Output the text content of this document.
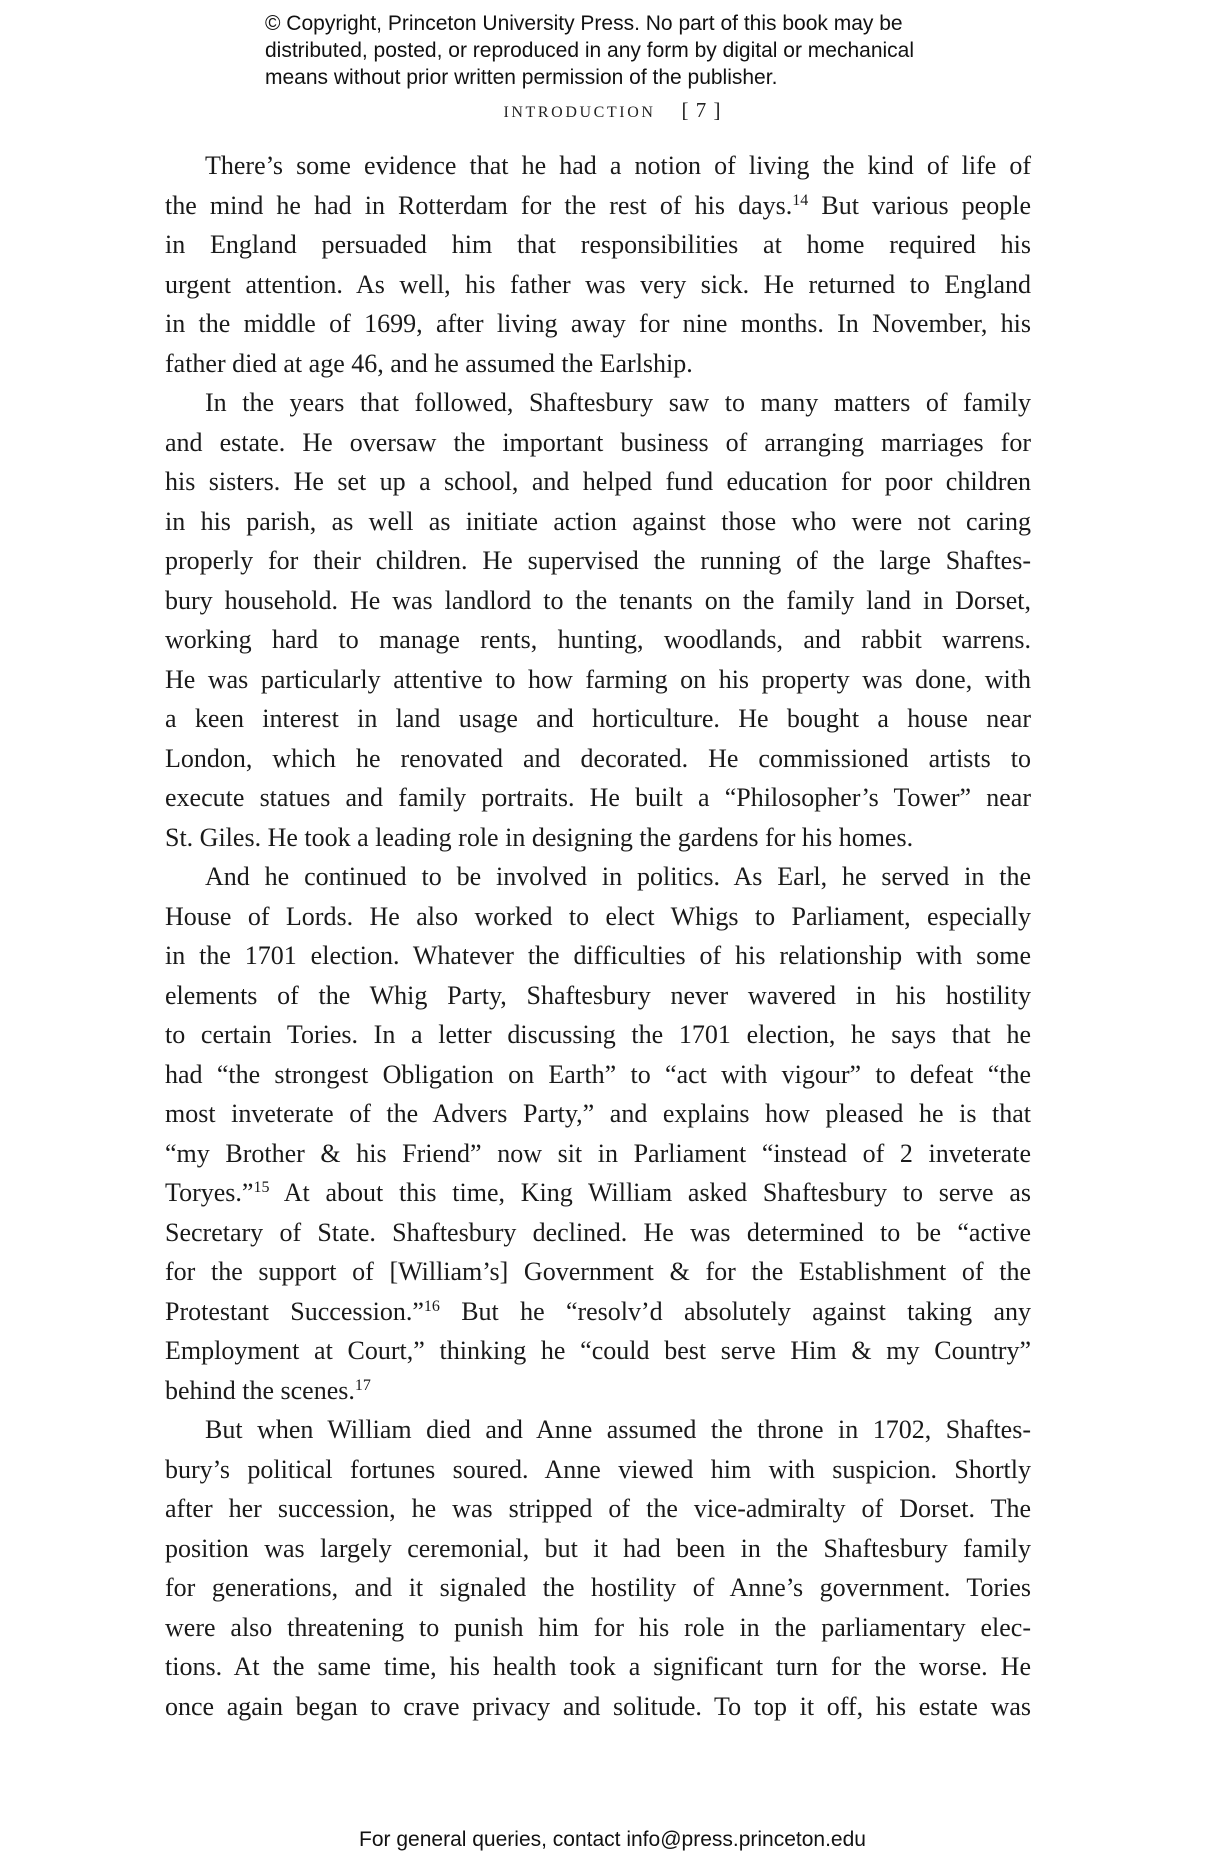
© Copyright, Princeton University Press. No part of this book may be
distributed, posted, or reproduced in any form by digital or mechanical
means without prior written permission of the publisher.
INTRODUCTION [ 7 ]
There’s some evidence that he had a notion of living the kind of life of
the mind he had in Rotterdam for the rest of his days.$^{14}$ But various people
in England persuaded him that responsibilities at home required his
urgent attention. As well, his father was very sick. He returned to England
in the middle of 1699, after living away for nine months. In November, his
father died at age 46, and he assumed the Earlship.
In the years that followed, Shaftesbury saw to many matters of family
and estate. He oversaw the important business of arranging marriages for
his sisters. He set up a school, and helped fund education for poor children
in his parish, as well as initiate action against those who were not caring
properly for their children. He supervised the running of the large Shaftes-
bury household. He was landlord to the tenants on the family land in Dorset,
working hard to manage rents, hunting, woodlands, and rabbit warrens.
He was particularly attentive to how farming on his property was done, with
a keen interest in land usage and horticulture. He bought a house near
London, which he renovated and decorated. He commissioned artists to
execute statues and family portraits. He built a “Philosopher’s Tower” near
St. Giles. He took a leading role in designing the gardens for his homes.
And he continued to be involved in politics. As Earl, he served in the
House of Lords. He also worked to elect Whigs to Parliament, especially
in the 1701 election. Whatever the difficulties of his relationship with some
elements of the Whig Party, Shaftesbury never wavered in his hostility
to certain Tories. In a letter discussing the 1701 election, he says that he
had “the strongest Obligation on Earth” to “act with vigour” to defeat “the
most inveterate of the Advers Party,” and explains how pleased he is that
“my Brother & his Friend” now sit in Parliament “instead of 2 inveterate
Toryes.”$^{15}$ At about this time, King William asked Shaftesbury to serve as
Secretary of State. Shaftesbury declined. He was determined to be “active
for the support of [William’s] Government & for the Establishment of the
Protestant Succession.”$^{16}$ But he “resolv’d absolutely against taking any
Employment at Court,” thinking he “could best serve Him & my Country”
behind the scenes.$^{17}$
But when William died and Anne assumed the throne in 1702, Shaftes-
bury’s political fortunes soured. Anne viewed him with suspicion. Shortly
after her succession, he was stripped of the vice-admiralty of Dorset. The
position was largely ceremonial, but it had been in the Shaftesbury family
for generations, and it signaled the hostility of Anne’s government. Tories
were also threatening to punish him for his role in the parliamentary elec-
tions. At the same time, his health took a significant turn for the worse. He
once again began to crave privacy and solitude. To top it off, his estate was
For general queries, contact info@press.princeton.edu
